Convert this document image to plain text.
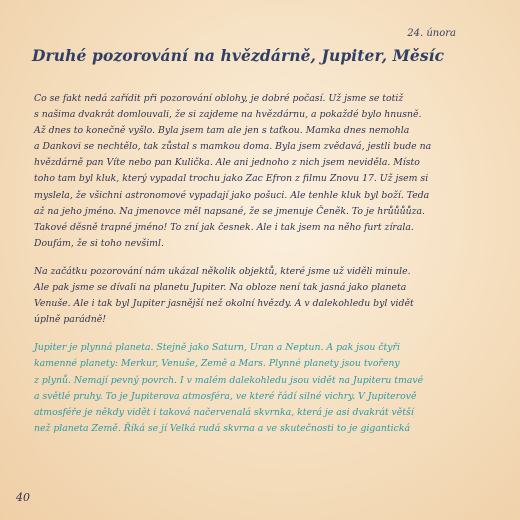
24. února
Druhé pozorování na hvězdárně, Jupiter, Měsíc

Co se fakt nedá zařídit při pozorování oblohy, je dobré počasí. Už jsme se totiž
s našima dvakrát domlouvali, že si zajdeme na hvězdárnu, a pokaždé bylo hnusně.
Až dnes to konečně vyšlo. Byla jsem tam ale jen s taťkou. Mamka dnes nemohla
a Dankovi se nechtělo, tak zůstal s mamkou doma. Byla jsem zvědavá, jestli bude na
hvězdárně pan Víte nebo pan Kulička. Ale ani jednoho z nich jsem neviděla. Místo
toho tam byl kluk, který vypadal trochu jako Zac Efron z filmu Znovu 17. Už jsem si
myslela, že všichni astronomové vypadají jako pošuci. Ale tenhle kluk byl boží. Teda
až na jeho jméno. Na jmenovce měl napsané, že se jmenuje Čeněk. To je hrůůůůza.
Takové děsně trapné jméno! To zní jak česnek. Ale i tak jsem na něho furt zírala.
Doufám, že si toho nevšiml.

Na začátku pozorování nám ukázal několik objektů, které jsme už viděli minule.
Ale pak jsme se dívali na planetu Jupiter. Na obloze není tak jasná jako planeta
Venuše. Ale i tak byl Jupiter jasnější než okolní hvězdy. A v dalekohledu byl vidět
úplně parádně!

Jupiter je plynná planeta. Stejně jako Saturn, Uran a Neptun. A pak jsou čtyři
kamenné planety: Merkur, Venuše, Země a Mars. Plynné planety jsou tvořeny
z plynů. Nemají pevný povrch. I v malém dalekohledu jsou vidět na Jupiteru tmavé
a světlé pruhy. To je Jupiterova atmosféra, ve které řádí silné vichry. V Jupiterově
atmosféře je někdy vidět i taková načervenalá skvrnka, která je asi dvakrát větší
než planeta Země. Říká se jí Velká rudá skvrna a ve skutečnosti to je gigantická

40
